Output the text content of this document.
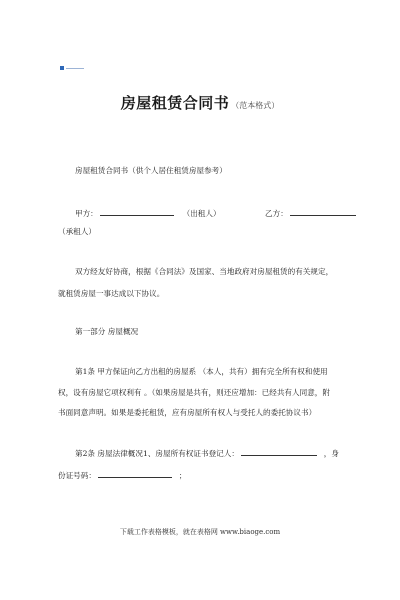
房屋租赁合同书 （范本格式）
房屋租赁合同书（供个人居住租赁房屋参考）
甲方：	（出租人）	乙方：
（承租人）
双方经友好协商，根据《合同法》及国家、当地政府对房屋租赁的有关规定，
就租赁房屋一事达成以下协议。
第一部分 房屋概况
第1条 甲方保证向乙方出租的房屋系 （本人，共有）拥有完全所有权和使用
权，设有房屋它项权利有 。（如果房屋是共有，则还应增加：已经共有人同意，附
书面同意声明。如果是委托租赁，应有房屋所有权人与受托人的委托协议书）
第2条 房屋法律概况1、房屋所有权证书登记人：	，身
份证号码：	；
下载工作表格模板，就在表格网 www.biaoge.com
